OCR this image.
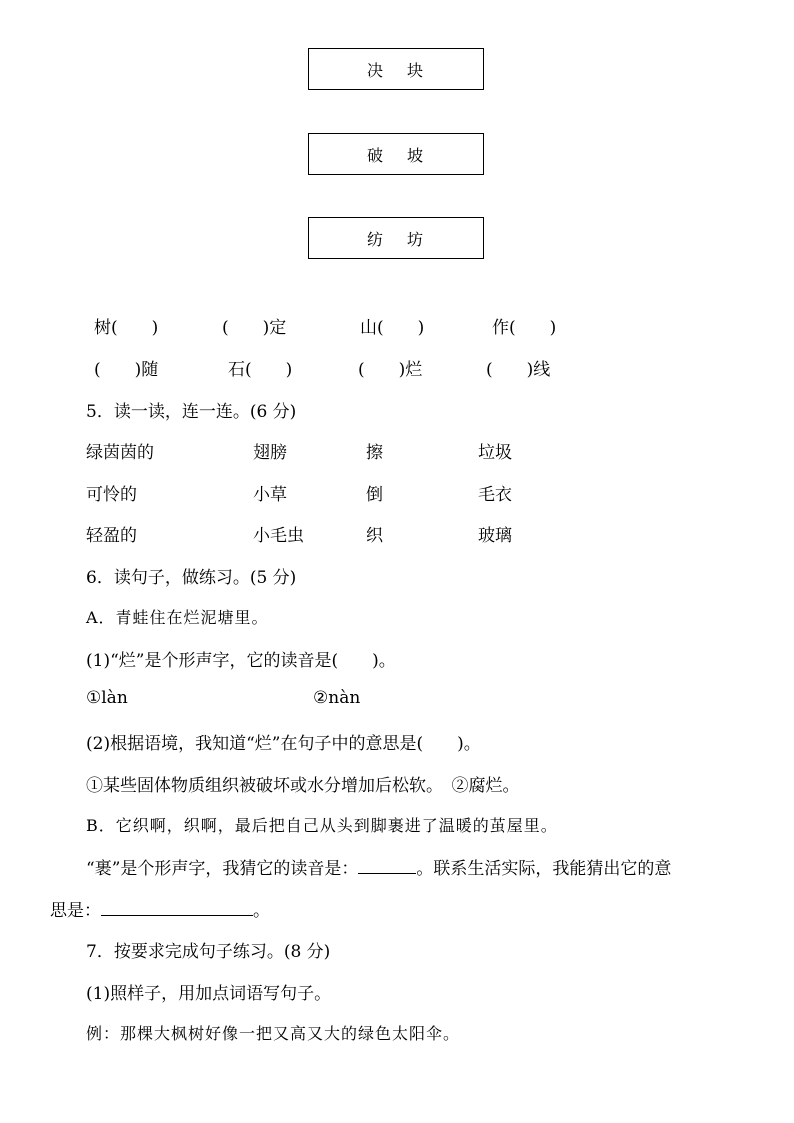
决 块
破 坡
纺 坊
树(　　)	(　　)定	山(　　)	作(　　)
(　　)随	石(　　)	(　　)烂	(　　)线
5．读一读，连一连。(6 分)
绿茵茵的	翅膀	擦	垃圾
可怜的	小草	倒	毛衣
轻盈的	小毛虫	织	玻璃
6．读句子，做练习。(5 分)
A．青蛙住在烂泥塘里。
(1)“烂”是个形声字，它的读音是(　　)。
①làn	②nàn
(2)根据语境，我知道“烂”在句子中的意思是(　　)。
①某些固体物质组织被破坏或水分增加后松软。　②腐烂。
B．它织啊，织啊，最后把自己从头到脚裹进了温暖的茧屋里。
“裹”是个形声字，我猜它的读音是：	。联系生活实际，我能猜出它的意
思是：	。
7．按要求完成句子练习。(8 分)
(1)照样子，用加点词语写句子。
例：那棵大枫树好像一把又高又大的绿色太阳伞。
